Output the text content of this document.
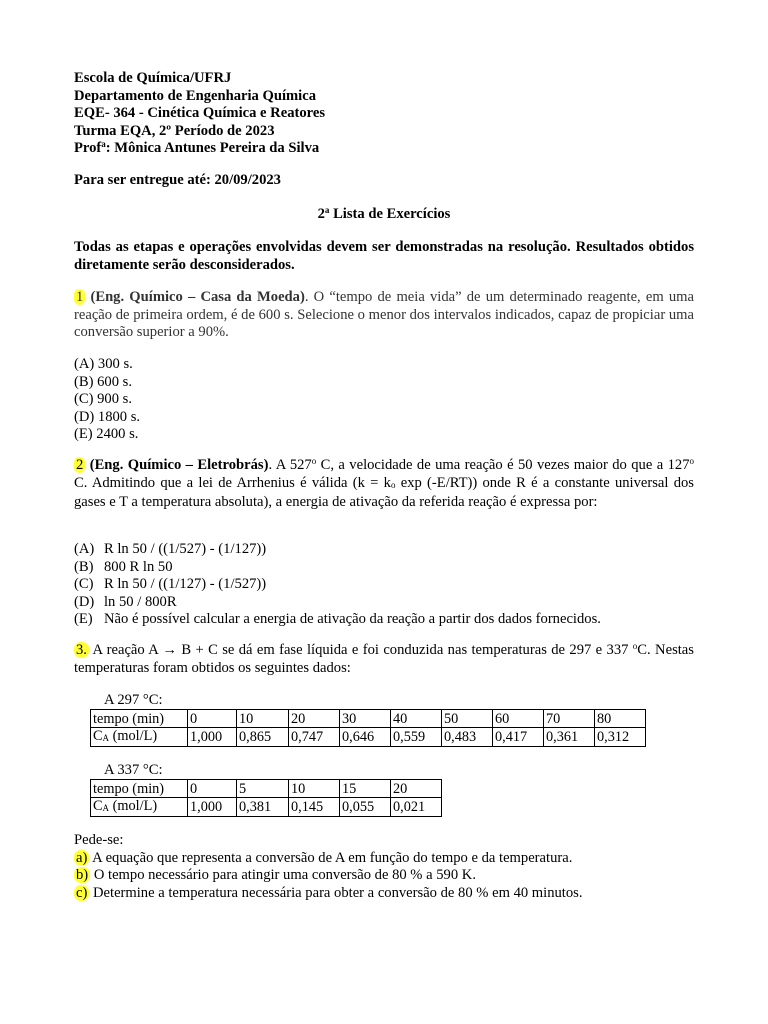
Escola de Química/UFRJ
Departamento de Engenharia Química
EQE- 364 - Cinética Química e Reatores
Turma EQA, 2º Período de 2023
Prof$^a$: Mônica Antunes Pereira da Silva
Para ser entregue até: 20/09/2023
2$^a$ Lista de Exercícios
Todas as etapas e operações envolvidas devem ser demonstradas na resolução. Resultados obtidos diretamente serão desconsiderados.
1 (Eng. Químico – Casa da Moeda). O “tempo de meia vida” de um determinado reagente, em uma reação de primeira ordem, é de 600 s. Selecione o menor dos intervalos indicados, capaz de propiciar uma conversão superior a 90%.
(A) 300 s.
(B) 600 s.
(C) 900 s.
(D) 1800 s.
(E) 2400 s.
2 (Eng. Químico – Eletrobrás). A 527$^o$ C, a velocidade de uma reação é 50 vezes maior do que a 127$^o$ C. Admitindo que a lei de Arrhenius é válida ($k = k_o$ exp (-E/RT)) onde R é a constante universal dos gases e T a temperatura absoluta), a energia de ativação da referida reação é expressa por:
(A) R ln 50 / ((1/527) - (1/127))
(B) 800 R ln 50
(C) R ln 50 / ((1/127) - (1/527))
(D) ln 50 / 800R
(E) Não é possível calcular a energia de ativação da reação a partir dos dados fornecidos.
3. A reação A → B + C se dá em fase líquida e foi conduzida nas temperaturas de 297 e 337 $^o$C. Nestas temperaturas foram obtidos os seguintes dados:
A 297 °C:
tempo (min)	0	10	20	30	40	50	60	70	80
$C_A$ (mol/L)	1,000	0,865	0,747	0,646	0,559	0,483	0,417	0,361	0,312
A 337 °C:
tempo (min)	0	5	10	15	20
$C_A$ (mol/L)	1,000	0,381	0,145	0,055	0,021
Pede-se:
a) A equação que representa a conversão de A em função do tempo e da temperatura.
b) O tempo necessário para atingir uma conversão de 80 % a 590 K.
c) Determine a temperatura necessária para obter a conversão de 80 % em 40 minutos.
